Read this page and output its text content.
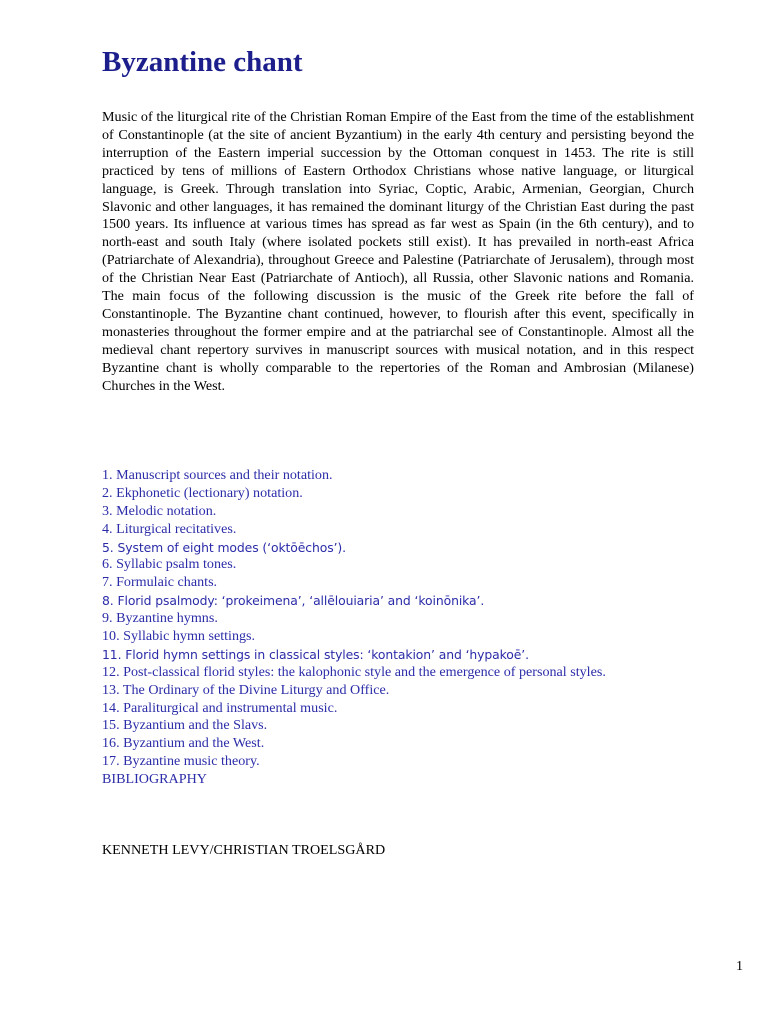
Byzantine chant

Music of the liturgical rite of the Christian Roman Empire of the East from the time of the establishment of Constantinople (at the site of ancient Byzantium) in the early 4th century and persisting beyond the interruption of the Eastern imperial succession by the Ottoman conquest in 1453. The rite is still practiced by tens of millions of Eastern Orthodox Christians whose native language, or liturgical language, is Greek. Through translation into Syriac, Coptic, Arabic, Armenian, Georgian, Church Slavonic and other languages, it has remained the dominant liturgy of the Christian East during the past 1500 years. Its influence at various times has spread as far west as Spain (in the 6th century), and to north-east and south Italy (where isolated pockets still exist). It has prevailed in north-east Africa (Patriarchate of Alexandria), throughout Greece and Palestine (Patriarchate of Jerusalem), through most of the Christian Near East (Patriarchate of Antioch), all Russia, other Slavonic nations and Romania. The main focus of the following discussion is the music of the Greek rite before the fall of Constantinople. The Byzantine chant continued, however, to flourish after this event, specifically in monasteries throughout the former empire and at the patriarchal see of Constantinople. Almost all the medieval chant repertory survives in manuscript sources with musical notation, and in this respect Byzantine chant is wholly comparable to the repertories of the Roman and Ambrosian (Milanese) Churches in the West.

1. Manuscript sources and their notation.
2. Ekphonetic (lectionary) notation.
3. Melodic notation.
4. Liturgical recitatives.
5. System of eight modes (‘oktōēchos’).
6. Syllabic psalm tones.
7. Formulaic chants.
8. Florid psalmody: ‘prokeimena’, ‘allēlouiaria’ and ‘koinōnika’.
9. Byzantine hymns.
10. Syllabic hymn settings.
11. Florid hymn settings in classical styles: ‘kontakion’ and ‘hypakoē’.
12. Post-classical florid styles: the kalophonic style and the emergence of personal styles.
13. The Ordinary of the Divine Liturgy and Office.
14. Paraliturgical and instrumental music.
15. Byzantium and the Slavs.
16. Byzantium and the West.
17. Byzantine music theory.
BIBLIOGRAPHY

KENNETH LEVY/CHRISTIAN TROELSGÅRD

1
